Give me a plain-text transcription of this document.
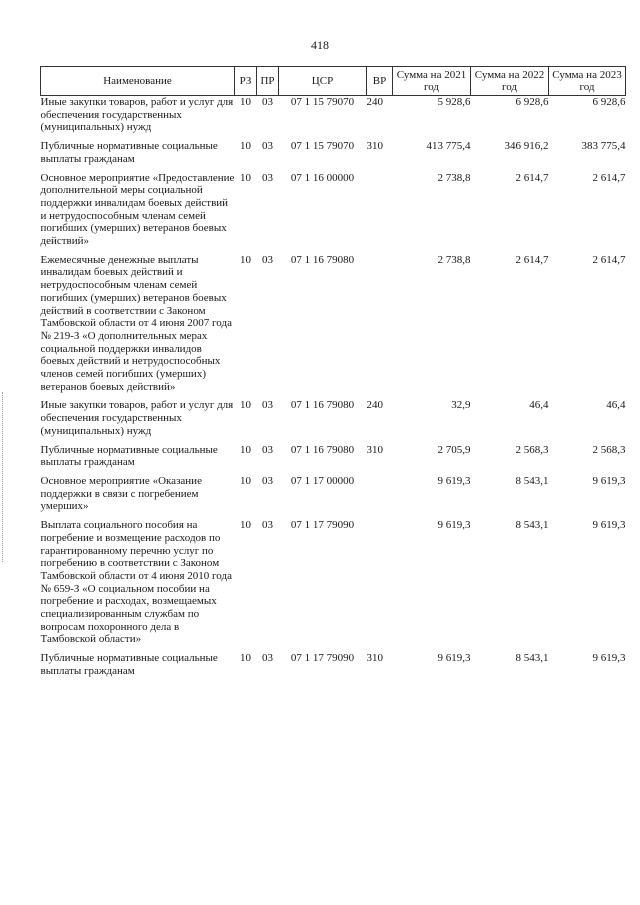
418
Наименование	РЗ	ПР	ЦСР	ВР	Сумма на 2021 год	Сумма на 2022 год	Сумма на 2023 год
Иные закупки товаров, работ и услуг для обеспечения государственных (муниципальных) нужд	10	03	07 1 15 79070	240	5 928,6	6 928,6	6 928,6
Публичные нормативные социальные выплаты гражданам	10	03	07 1 15 79070	310	413 775,4	346 916,2	383 775,4
Основное мероприятие «Предоставление дополнительной меры социальной поддержки инвалидам боевых действий и нетрудоспособным членам семей погибших (умерших) ветеранов боевых действий»	10	03	07 1 16 00000		2 738,8	2 614,7	2 614,7
Ежемесячные денежные выплаты инвалидам боевых действий и нетрудоспособным членам семей погибших (умерших) ветеранов боевых действий в соответствии с Законом Тамбовской области от 4 июня 2007 года № 219-З «О дополнительных мерах социальной поддержки инвалидов боевых действий и нетрудоспособных членов семей погибших (умерших) ветеранов боевых действий»	10	03	07 1 16 79080		2 738,8	2 614,7	2 614,7
Иные закупки товаров, работ и услуг для обеспечения государственных (муниципальных) нужд	10	03	07 1 16 79080	240	32,9	46,4	46,4
Публичные нормативные социальные выплаты гражданам	10	03	07 1 16 79080	310	2 705,9	2 568,3	2 568,3
Основное мероприятие «Оказание поддержки в связи с погребением умерших»	10	03	07 1 17 00000		9 619,3	8 543,1	9 619,3
Выплата социального пособия на погребение и возмещение расходов по гарантированному перечню услуг по погребению в соответствии с Законом Тамбовской области от 4 июня 2010 года № 659-З «О социальном пособии на погребение и расходах, возмещаемых специализированным службам по вопросам похоронного дела в Тамбовской области»	10	03	07 1 17 79090		9 619,3	8 543,1	9 619,3
Публичные нормативные социальные выплаты гражданам	10	03	07 1 17 79090	310	9 619,3	8 543,1	9 619,3
